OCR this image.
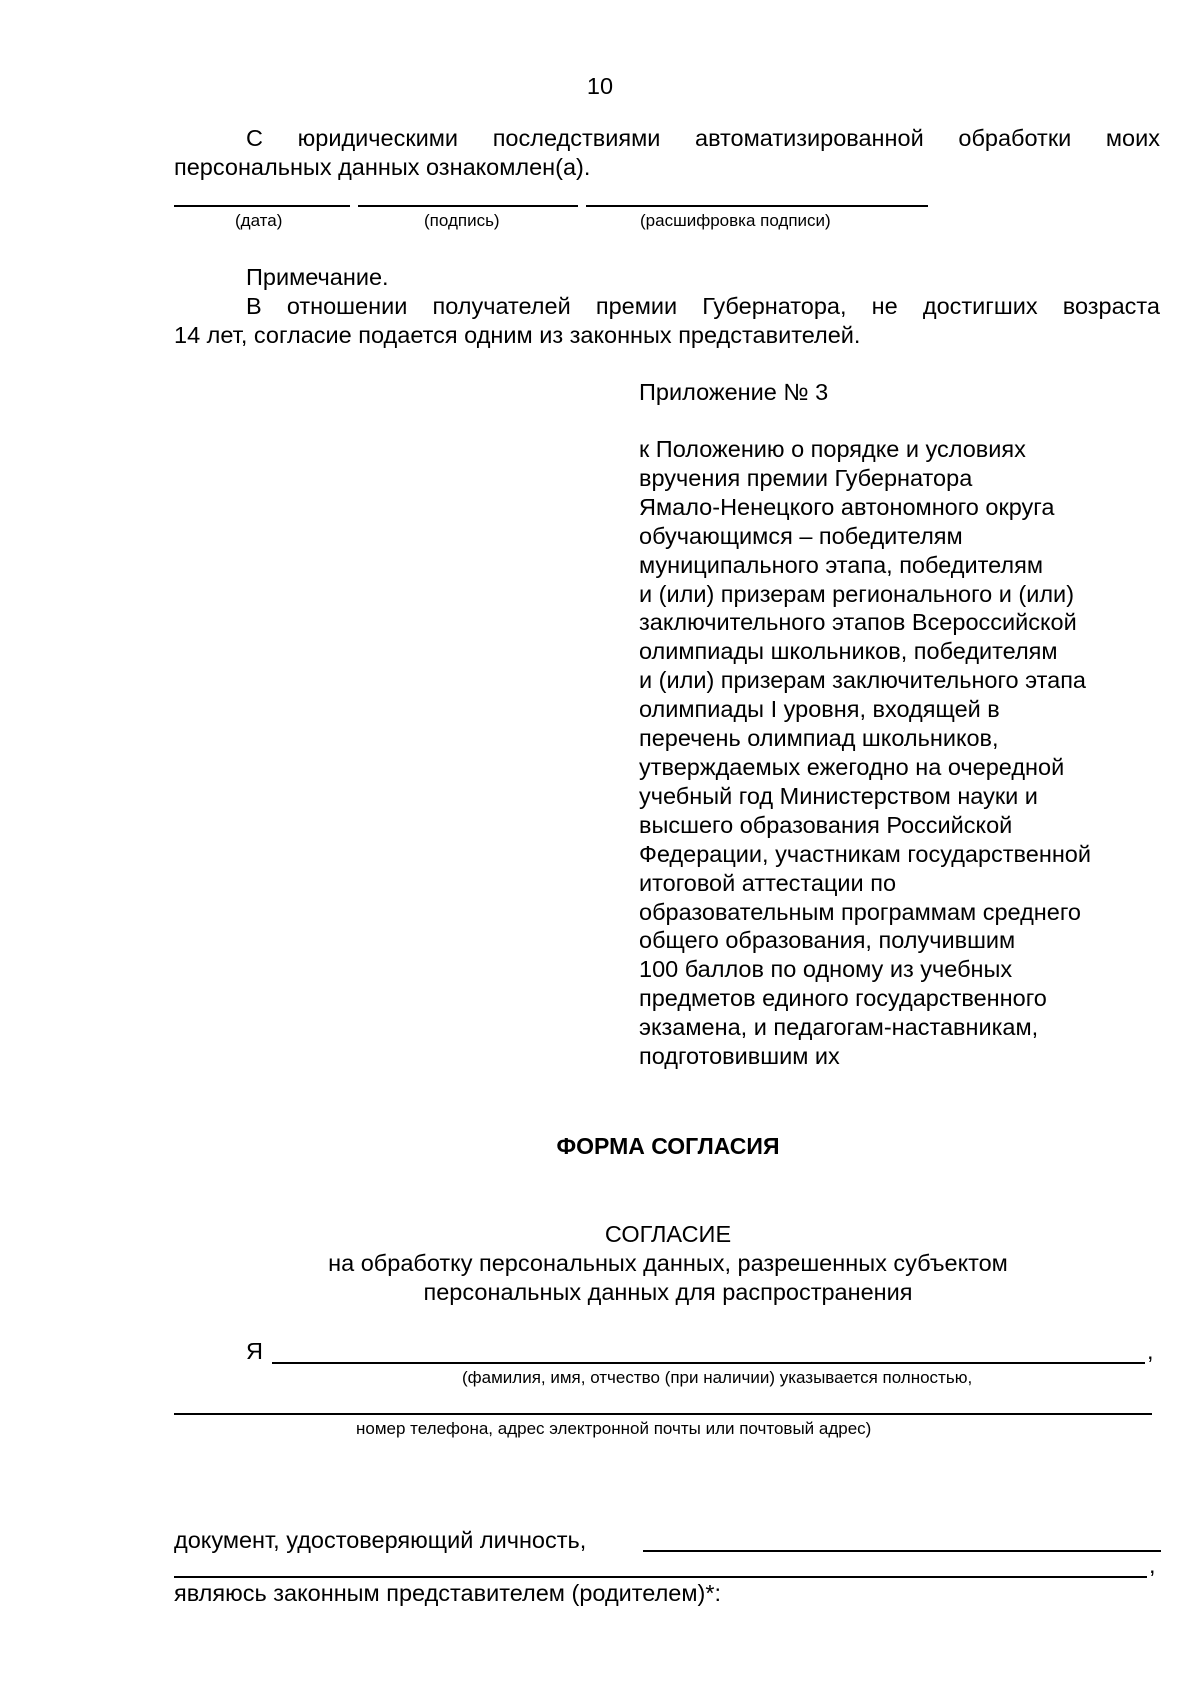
10
С юридическими последствиями автоматизированной обработки моих
персональных данных ознакомлен(а).
(дата)	(подпись)	(расшифровка подписи)
Примечание.
В отношении получателей премии Губернатора, не достигших возраста
14 лет, согласие подается одним из законных представителей.
Приложение № 3
к Положению о порядке и условиях
вручения премии Губернатора
Ямало-Ненецкого автономного округа
обучающимся – победителям
муниципального этапа, победителям
и (или) призерам регионального и (или)
заключительного этапов Всероссийской
олимпиады школьников, победителям
и (или) призерам заключительного этапа
олимпиады I уровня, входящей в
перечень олимпиад школьников,
утверждаемых ежегодно на очередной
учебный год Министерством науки и
высшего образования Российской
Федерации, участникам государственной
итоговой аттестации по
образовательным программам среднего
общего образования, получившим
100 баллов по одному из учебных
предметов единого государственного
экзамена, и педагогам-наставникам,
подготовившим их
ФОРМА СОГЛАСИЯ
СОГЛАСИЕ
на обработку персональных данных, разрешенных субъектом
персональных данных для распространения
Я	,
(фамилия, имя, отчество (при наличии) указывается полностью,
номер телефона, адрес электронной почты или почтовый адрес)
документ, удостоверяющий личность,
,
являюсь законным представителем (родителем)*:
